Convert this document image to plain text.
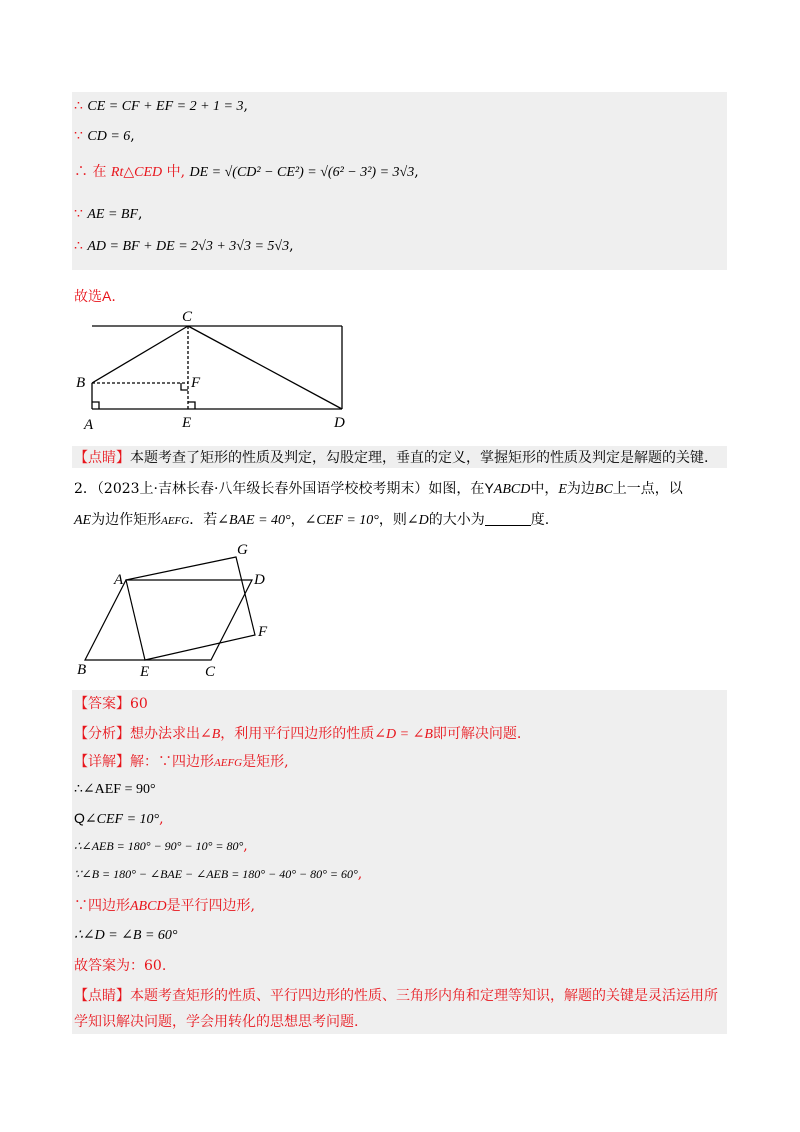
∴ CE = CF + EF = 2 + 1 = 3,
∵ CD = 6,
∴ 在 Rt△CED 中, DE = √(CD² − CE²) = √(6² − 3²) = 3√3,
∵ AE = BF,
∴ AD = BF + DE = 2√3 + 3√3 = 5√3,
故选A.
C
B	F
A	E	D
【点睛】本题考查了矩形的性质及判定，勾股定理，垂直的定义，掌握矩形的性质及判定是解题的关键.
2．（2023上·吉林长春·八年级长春外国语学校校考期末）如图，在YABCD中，E为边BC上一点，以
AE为边作矩形AEFG．若∠BAE = 40°，∠CEF = 10°，则∠D的大小为	度.
A
G
D
F
B	E	C
【答案】60
【分析】想办法求出∠B，利用平行四边形的性质∠D = ∠B即可解决问题.
【详解】解：∵四边形AEFG是矩形,
∴∠AEF = 90°
Q∠CEF = 10°,
∴∠AEB = 180° − 90° − 10° = 80°,
∵∠B = 180° − ∠BAE − ∠AEB = 180° − 40° − 80° = 60°,
∵四边形ABCD是平行四边形,
∴∠D = ∠B = 60°
故答案为：60.
【点睛】本题考查矩形的性质、平行四边形的性质、三角形内角和定理等知识，解题的关键是灵活运用所
学知识解决问题，学会用转化的思想思考问题.
